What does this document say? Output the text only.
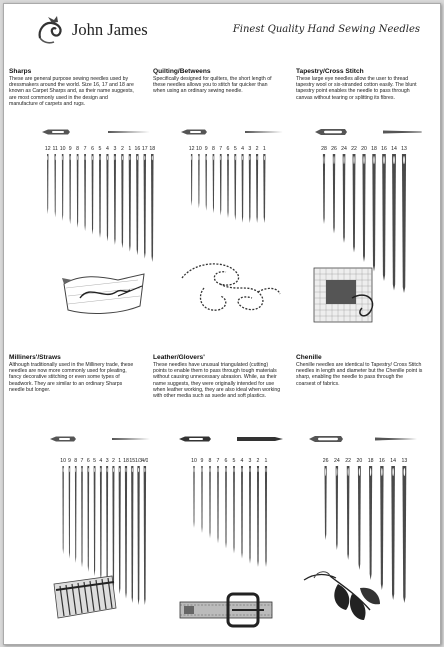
John James	Finest Quality Hand Sewing Needles
Sharps
These are general purpose sewing needles used by dressmakers around the world. Size 16, 17 and 18 are known as Carpet Sharps and, as their name suggests, are most commonly used in the design and manufacture of carpets and rugs.
Quilting/Betweens
Specifically designed for quilters, the short length of these needles allows you to stitch far quicker than when using an ordinary sewing needle.
Tapestry/Cross Stitch
These large eye needles allow the user to thread tapestry wool or six-stranded cotton easily. The blunt tapestry point enables the needle to pass through canvas without tearing or splitting its fibres.
Milliners'/Straws
Although traditionally used in the Millinery trade, these needles are now more commonly used for pleating, fancy decorative stitching or even some types of beadwork. They are similar to an ordinary Sharps needle but longer.
Leather/Glovers'
These needles have unusual triangulated (cutting) points to enable them to pass through tough materials without causing unnecessary abrasion. While, as their name suggests, they were originally intended for use when leather working, they are also ideal when working with other media such as suede and soft plastics.
Chenille
Chenille needles are identical to Tapestry/ Cross Stitch needles in length and diameter but the Chenille point is sharp, enabling the needle to pass through the coarsest of fabrics.
12 11 10 9 8 7 6 5 4 3 2 1 16 17 18	12 10 9 8 7 6 5 4 3 2 1	28 26 24 22 20 18 16 14 13
10 9 8 7 6 5 4 3 2 1 18 15 1/3 4/0	10 9 8 7 6 5 4 3 2 1	26 24 22 20 18 16 14 13
